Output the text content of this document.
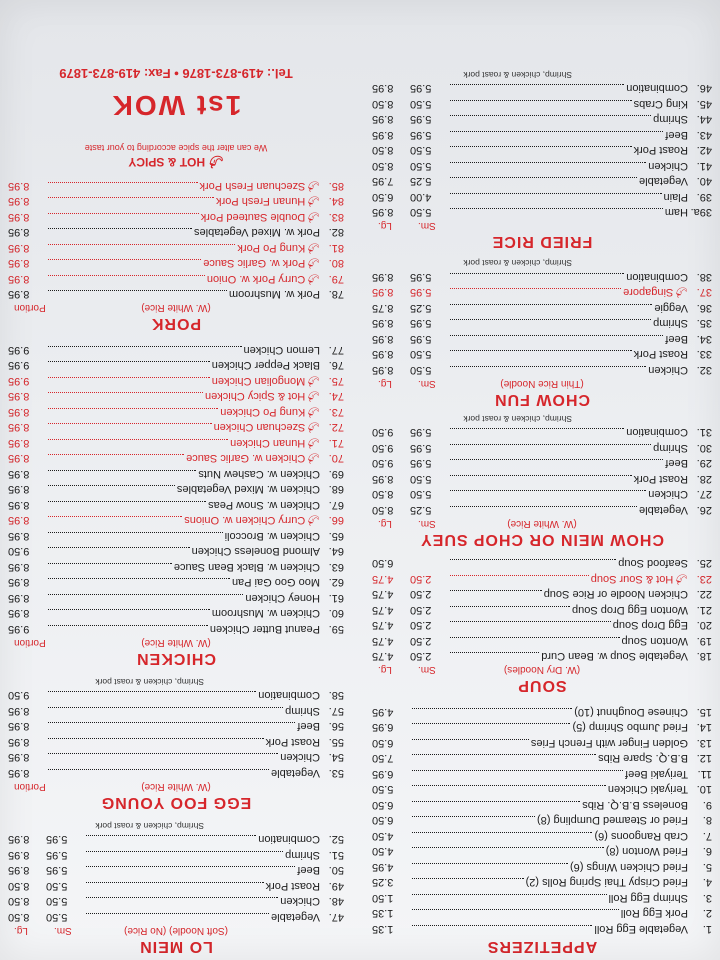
APPETIZERS
1.
Vegetable Egg Roll
1.35
2.
Pork Egg Roll
1.35
3.
Shrimp Egg Roll
1.50
4.
Fried Crispy Thai Spring Rolls (2)
3.25
5.
Fried Chicken Wings (6)
4.95
6.
Fried Wonton (8)
4.50
7.
Crab Rangoons (6)
4.50
8.
Fried or Steamed Dumpling (8)
6.50
9.
Boneless B.B.Q. Ribs
6.50
10.
Teriyaki Chicken
5.50
11.
Teriyaki Beef
6.95
12.
B.B.Q. Spare Ribs
7.50
13.
Golden Finger with French Fries
6.50
14.
Fried Jumbo Shrimp (5)
6.95
15.
Chinese Doughnut (10)
4.95
SOUP
(W. Dry Noodles)
Sm.
Lg.
18.
Vegetable Soup w. Bean Curd
2.50
4.75
19.
Wonton Soup
2.50
4.75
20.
Egg Drop Soup
2.50
4.75
21.
Wonton Egg Drop Soup
2.50
4.75
22.
Chicken Noodle or Rice Soup
2.50
4.75
23.
🌶Hot & Sour Soup
2.50
4.75
25.
Seafood Soup
6.50
CHOW MEIN OR CHOP SUEY
(W. White Rice)
Sm.
Lg.
26.
Vegetable
5.25
8.50
27.
Chicken
5.50
8.50
28.
Roast Pork
5.50
8.95
29.
Beef
5.95
9.50
30.
Shrimp
5.95
9.50
31.
Combination
5.95
9.50
Shrimp, chicken & roast pork
CHOW FUN
(Thin Rice Noodle)
Sm.
Lg.
32.
Chicken
5.50
8.95
33.
Roast Pork
5.50
8.95
34.
Beef
5.95
8.95
35.
Shrimp
5.95
8.95
36.
Veggie
5.25
8.75
37.
🌶Singapore
5.95
8.95
38.
Combination
5.95
8.95
Shrimp, chicken & roast pork
FRIED RICE
Sm.
Lg.
39a.
Ham
5.50
8.95
39.
Plain
4.00
6.50
40.
Vegetable
5.25
7.95
41.
Chicken
5.50
8.50
42.
Roast Pork
5.50
8.50
43.
Beef
5.95
8.95
44.
Shrimp
5.95
8.95
45.
King Crabs
5.50
8.50
46.
Combination
5.95
8.95
Shrimp, chicken & roast pork
LO MEIN
(Soft Noodle) (No Rice)
Sm.
Lg.
47.
Vegetable
5.50
8.50
48.
Chicken
5.50
8.50
49.
Roast Pork
5.50
8.50
50.
Beef
5.95
8.95
51.
Shrimp
5.95
8.95
52.
Combination
5.95
8.95
Shrimp, chicken & roast pork
EGG FOO YOUNG
(W. White Rice)
Portion
53.
Vegetable
8.95
54.
Chicken
8.95
55.
Roast Pork
8.95
56.
Beef
8.95
57.
Shrimp
8.95
58.
Combination
9.50
Shrimp, chicken & roast pork
CHICKEN
(W. White Rice)
Portion
59.
Peanut Butter Chicken
9.95
60.
Chicken w. Mushroom
8.95
61.
Honey Chicken
8.95
62.
Moo Goo Gai Pan
8.95
63.
Chicken w. Black Bean Sauce
8.95
64.
Almond Boneless Chicken
9.50
65.
Chicken w. Broccoli
8.95
66.
🌶Curry Chicken w. Onions
8.95
67.
Chicken w. Snow Peas
8.95
68.
Chicken w. Mixed Vegetables
8.95
69.
Chicken w. Cashew Nuts
8.95
70.
🌶Chicken w. Garlic Sauce
8.95
71.
🌶Hunan Chicken
8.95
72.
🌶Szechuan Chicken
8.95
73.
🌶Kung Po Chicken
8.95
74.
🌶Hot & Spicy Chicken
8.95
75.
🌶Mongolian Chicken
9.95
76.
Black Pepper Chicken
9.95
77.
Lemon Chicken
9.95
PORK
(W. White Rice)
Portion
78.
Pork w. Mushroom
8.95
79.
🌶Curry Pork w. Onion
8.95
80.
🌶Pork w. Garlic Sauce
8.95
81.
🌶Kung Po Pork
8.95
82.
Pork w. Mixed Vegetables
8.95
83.
🌶Double Sauteed Pork
8.95
84.
🌶Hunan Fresh Pork
8.95
85.
🌶Szechuan Fresh Pork
8.95
🌶 HOT & SPICY
We can alter the spice according to your taste
1st WOK
Tel.: 419-873-1876 • Fax: 419-873-1879
